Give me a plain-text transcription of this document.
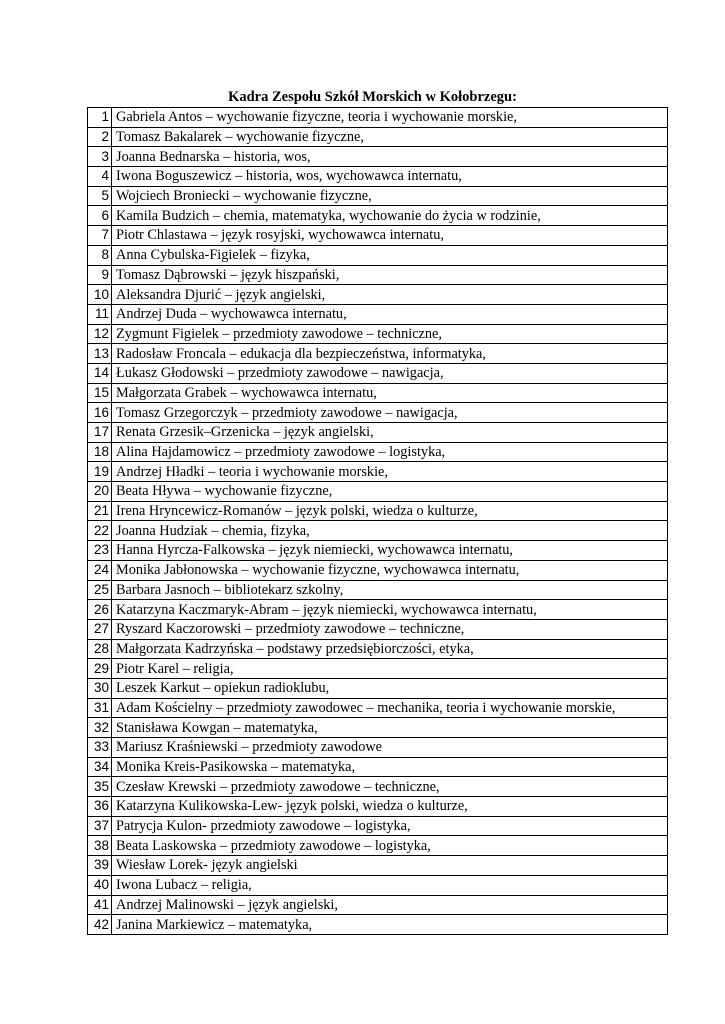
Kadra Zespołu Szkół Morskich w Kołobrzegu:
1	Gabriela Antos – wychowanie fizyczne, teoria i wychowanie morskie,
2	Tomasz Bakalarek – wychowanie fizyczne,
3	Joanna Bednarska – historia, wos,
4	Iwona Boguszewicz – historia, wos, wychowawca internatu,
5	Wojciech Broniecki – wychowanie fizyczne,
6	Kamila Budzich – chemia, matematyka, wychowanie do życia w rodzinie,
7	Piotr Chlastawa – język rosyjski, wychowawca internatu,
8	Anna Cybulska-Figielek – fizyka,
9	Tomasz Dąbrowski – język hiszpański,
10	Aleksandra Djurić – język angielski,
11	Andrzej Duda – wychowawca internatu,
12	Zygmunt Figielek – przedmioty zawodowe – techniczne,
13	Radosław Froncala – edukacja dla bezpieczeństwa, informatyka,
14	Łukasz Głodowski – przedmioty zawodowe – nawigacja,
15	Małgorzata Grabek – wychowawca internatu,
16	Tomasz Grzegorczyk – przedmioty zawodowe – nawigacja,
17	Renata Grzesik–Grzenicka – język angielski,
18	Alina Hajdamowicz – przedmioty zawodowe – logistyka,
19	Andrzej Hładki – teoria i wychowanie morskie,
20	Beata Hływa – wychowanie fizyczne,
21	Irena Hryncewicz-Romanów – język polski, wiedza o kulturze,
22	Joanna Hudziak – chemia, fizyka,
23	Hanna Hyrcza-Falkowska – język niemiecki, wychowawca internatu,
24	Monika Jabłonowska – wychowanie fizyczne, wychowawca internatu,
25	Barbara Jasnoch – bibliotekarz szkolny,
26	Katarzyna Kaczmaryk-Abram – język niemiecki, wychowawca internatu,
27	Ryszard Kaczorowski – przedmioty zawodowe – techniczne,
28	Małgorzata Kadrzyńska – podstawy przedsiębiorczości, etyka,
29	Piotr Karel – religia,
30	Leszek Karkut – opiekun radioklubu,
31	Adam Kościelny – przedmioty zawodowec – mechanika, teoria i wychowanie morskie,
32	Stanisława Kowgan – matematyka,
33	Mariusz Kraśniewski – przedmioty zawodowe
34	Monika Kreis-Pasikowska – matematyka,
35	Czesław Krewski – przedmioty zawodowe – techniczne,
36	Katarzyna Kulikowska-Lew- język polski, wiedza o kulturze,
37	Patrycja Kulon- przedmioty zawodowe – logistyka,
38	Beata Laskowska – przedmioty zawodowe – logistyka,
39	Wiesław Lorek- język angielski
40	Iwona Lubacz – religia,
41	Andrzej Malinowski – język angielski,
42	Janina Markiewicz – matematyka,
